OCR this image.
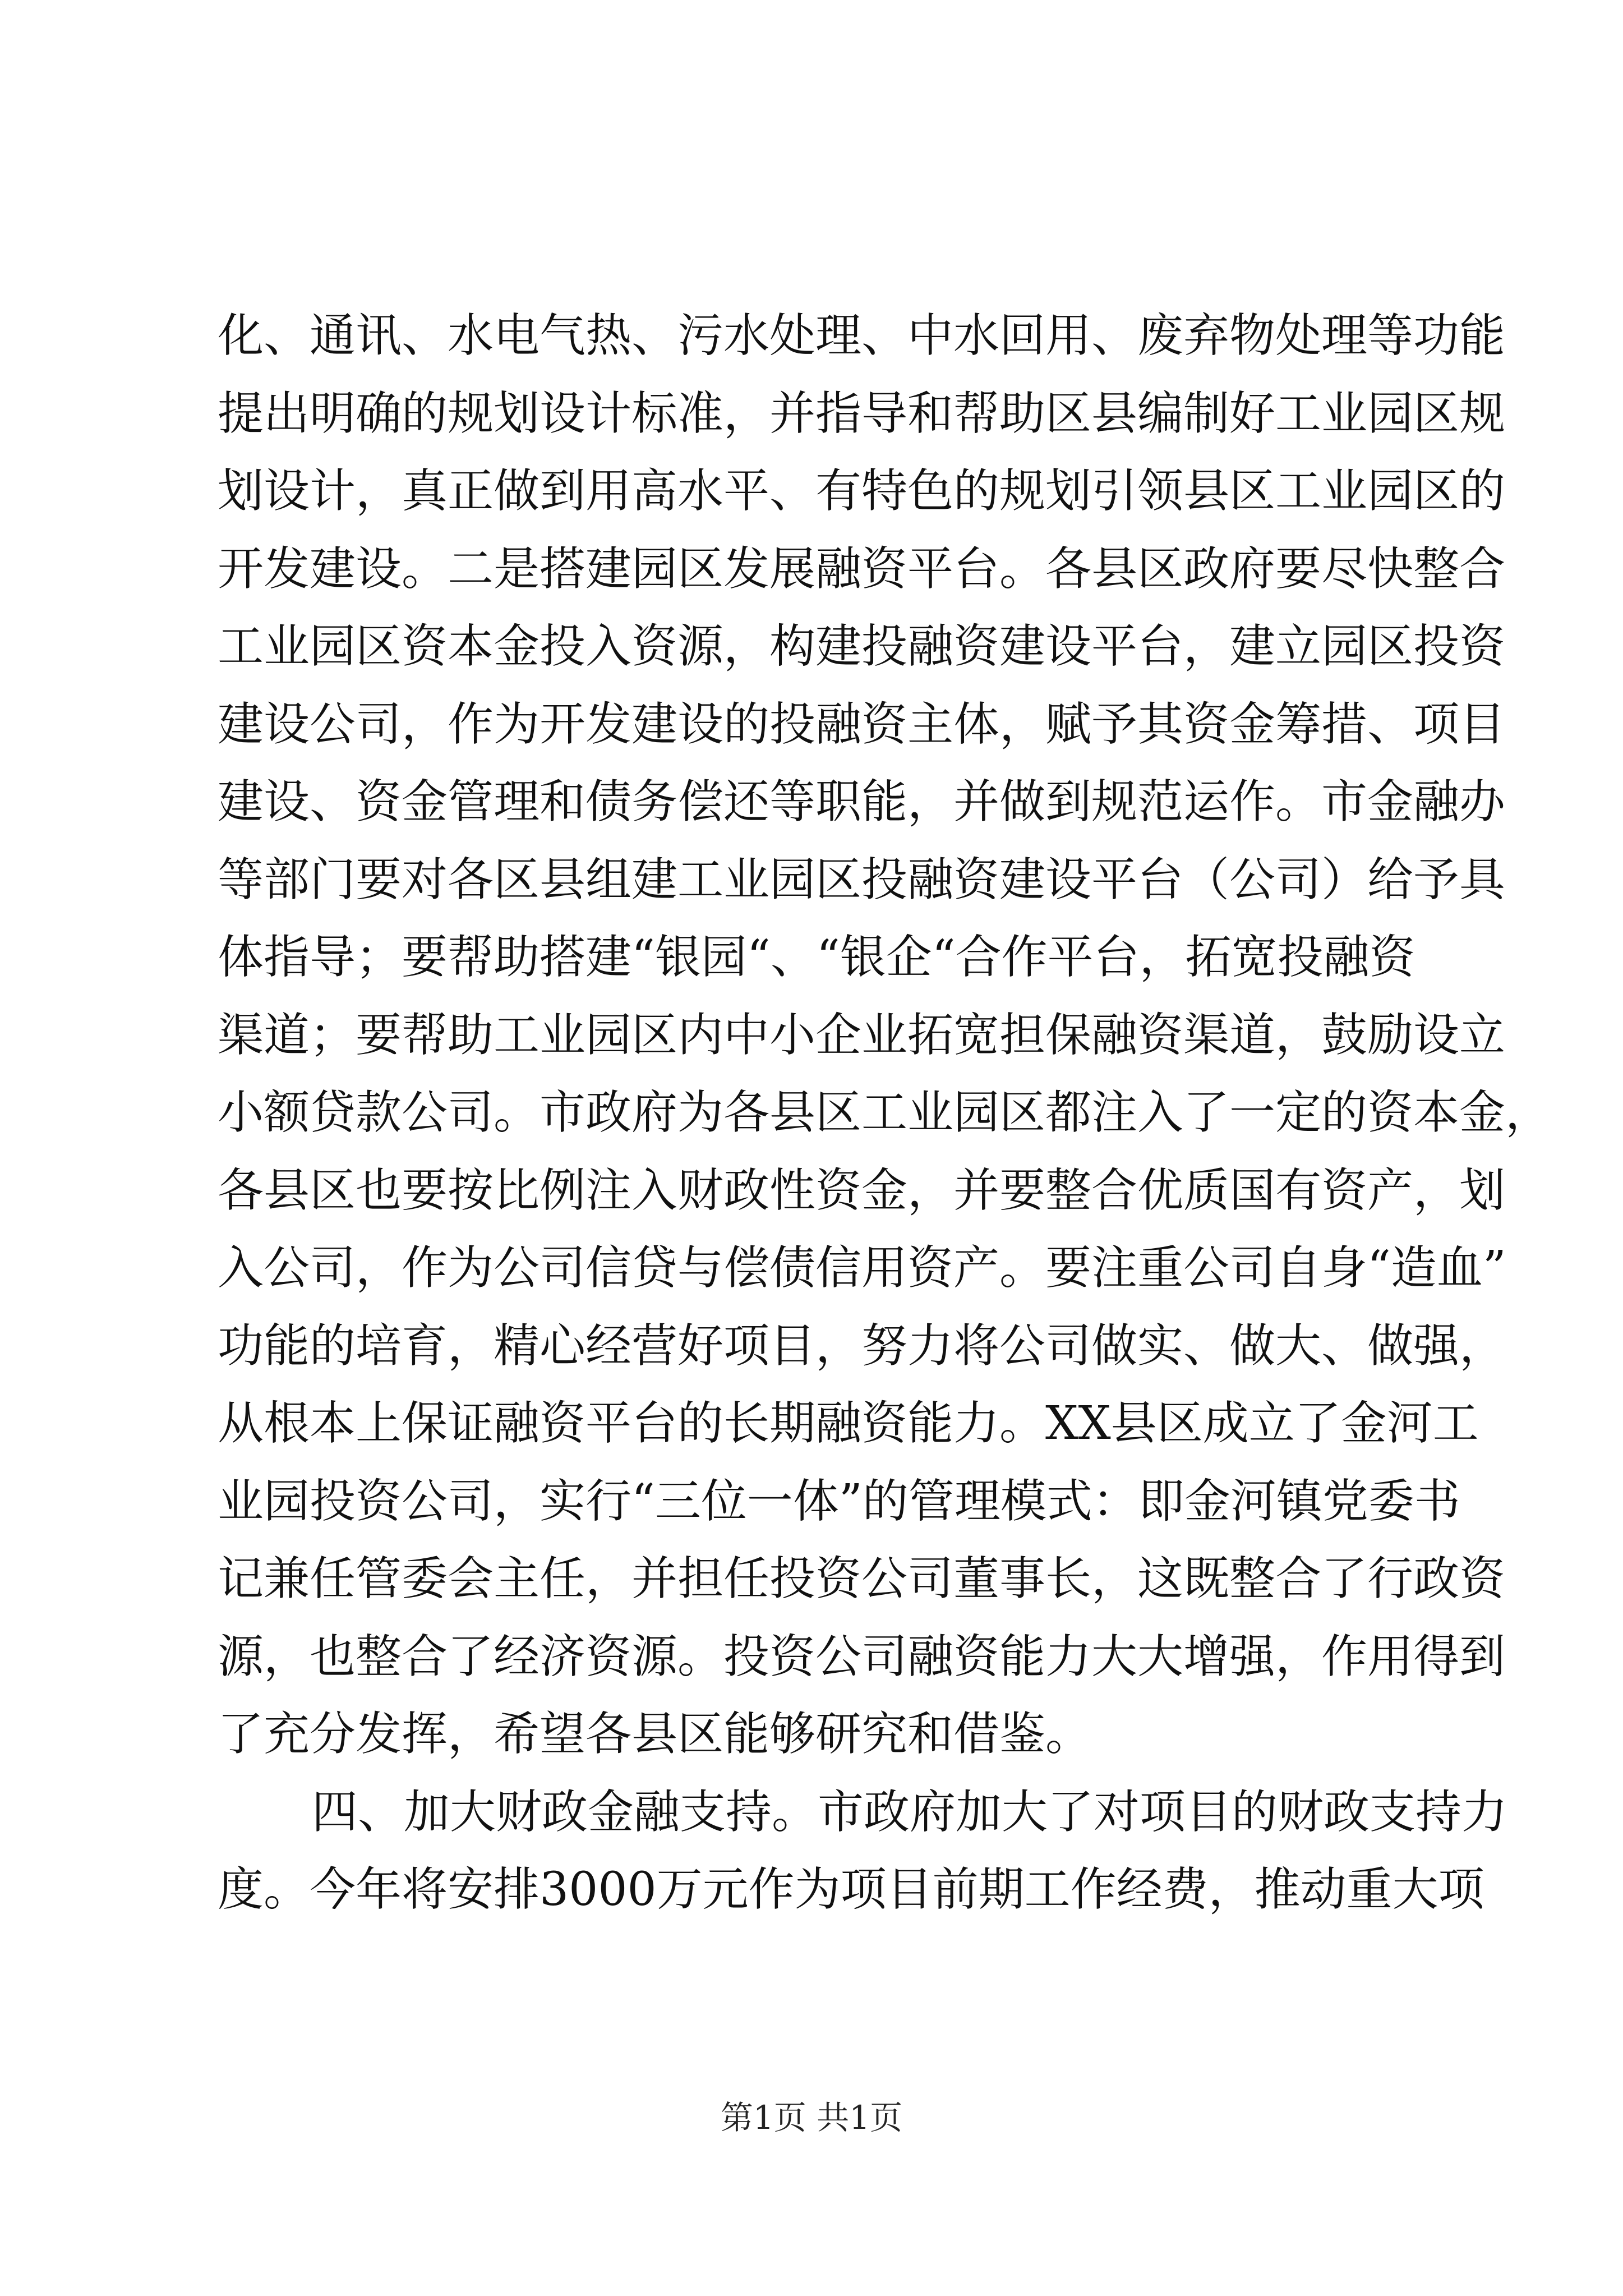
化、通讯、水电气热、污水处理、中水回用、废弃物处理等功能
提出明确的规划设计标准，并指导和帮助区县编制好工业园区规
划设计，真正做到用高水平、有特色的规划引领县区工业园区的
开发建设。二是搭建园区发展融资平台。各县区政府要尽快整合
工业园区资本金投入资源，构建投融资建设平台，建立园区投资
建设公司，作为开发建设的投融资主体，赋予其资金筹措、项目
建设、资金管理和债务偿还等职能，并做到规范运作。市金融办
等部门要对各区县组建工业园区投融资建设平台（公司）给予具
体指导；要帮助搭建“银园“、“银企“合作平台，拓宽投融资
渠道；要帮助工业园区内中小企业拓宽担保融资渠道，鼓励设立
小额贷款公司。市政府为各县区工业园区都注入了一定的资本金，
各县区也要按比例注入财政性资金，并要整合优质国有资产，划
入公司，作为公司信贷与偿债信用资产。要注重公司自身“造血”
功能的培育，精心经营好项目，努力将公司做实、做大、做强，
从根本上保证融资平台的长期融资能力。XX县区成立了金河工
业园投资公司，实行“三位一体”的管理模式：即金河镇党委书
记兼任管委会主任，并担任投资公司董事长，这既整合了行政资
源，也整合了经济资源。投资公司融资能力大大增强，作用得到
了充分发挥，希望各县区能够研究和借鉴。
四、加大财政金融支持。市政府加大了对项目的财政支持力
度。今年将安排3000万元作为项目前期工作经费，推动重大项
第1页 共1页
